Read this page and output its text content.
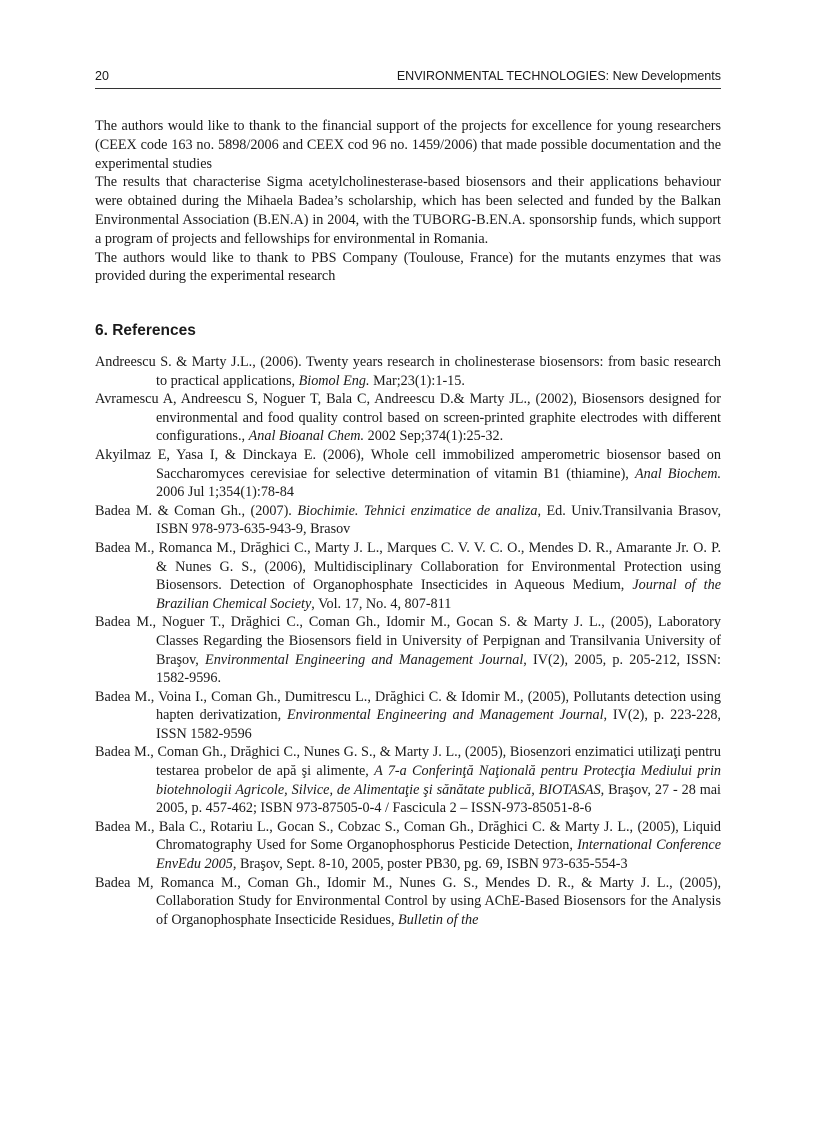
20	ENVIRONMENTAL TECHNOLOGIES: New Developments

The authors would like to thank to the financial support of the projects for excellence for young researchers (CEEX code 163 no. 5898/2006 and CEEX cod 96 no. 1459/2006) that made possible documentation and the experimental studies

The results that characterise Sigma acetylcholinesterase-based biosensors and their applications behaviour were obtained during the Mihaela Badea’s scholarship, which has been selected and funded by the Balkan Environmental Association (B.EN.A) in 2004, with the TUBORG-B.EN.A. sponsorship funds, which support a program of projects and fellowships for environmental in Romania.

The authors would like to thank to PBS Company (Toulouse, France) for the mutants enzymes that was provided during the experimental research

6. References

Andreescu S. & Marty J.L., (2006). Twenty years research in cholinesterase biosensors: from basic research to practical applications, Biomol Eng. Mar;23(1):1-15.

Avramescu A, Andreescu S, Noguer T, Bala C, Andreescu D.& Marty JL., (2002), Biosensors designed for environmental and food quality control based on screen-printed graphite electrodes with different configurations., Anal Bioanal Chem. 2002 Sep;374(1):25-32.

Akyilmaz E, Yasa I, & Dinckaya E. (2006), Whole cell immobilized amperometric biosensor based on Saccharomyces cerevisiae for selective determination of vitamin B1 (thiamine), Anal Biochem. 2006 Jul 1;354(1):78-84

Badea M. & Coman Gh., (2007). Biochimie. Tehnici enzimatice de analiza, Ed. Univ.Transilvania Brasov, ISBN 978-973-635-943-9, Brasov

Badea M., Romanca M., Drăghici C., Marty J. L., Marques C. V. V. C. O., Mendes D. R., Amarante Jr. O. P. & Nunes G. S., (2006), Multidisciplinary Collaboration for Environmental Protection using Biosensors. Detection of Organophosphate Insecticides in Aqueous Medium, Journal of the Brazilian Chemical Society, Vol. 17, No. 4, 807-811

Badea M., Noguer T., Drăghici C., Coman Gh., Idomir M., Gocan S. & Marty J. L., (2005), Laboratory Classes Regarding the Biosensors field in University of Perpignan and Transilvania University of Braşov, Environmental Engineering and Management Journal, IV(2), 2005, p. 205-212, ISSN: 1582-9596.

Badea M., Voina I., Coman Gh., Dumitrescu L., Drăghici C. & Idomir M., (2005), Pollutants detection using hapten derivatization, Environmental Engineering and Management Journal, IV(2), p. 223-228, ISSN 1582-9596

Badea M., Coman Gh., Drăghici C., Nunes G. S., & Marty J. L., (2005), Biosenzori enzimatici utilizaţi pentru testarea probelor de apă şi alimente, A 7-a Conferinţă Naţională pentru Protecţia Mediului prin biotehnologii Agricole, Silvice, de Alimentaţie şi sănătate publică, BIOTASAS, Braşov, 27 - 28 mai 2005, p. 457-462; ISBN 973-87505-0-4 / Fascicula 2 – ISSN-973-85051-8-6

Badea M., Bala C., Rotariu L., Gocan S., Cobzac S., Coman Gh., Drăghici C. & Marty J. L., (2005), Liquid Chromatography Used for Some Organophosphorus Pesticide Detection, International Conference EnvEdu 2005, Braşov, Sept. 8-10, 2005, poster PB30, pg. 69, ISBN 973-635-554-3

Badea M, Romanca M., Coman Gh., Idomir M., Nunes G. S., Mendes D. R., & Marty J. L., (2005), Collaboration Study for Environmental Control by using AChE-Based Biosensors for the Analysis of Organophosphate Insecticide Residues, Bulletin of the
